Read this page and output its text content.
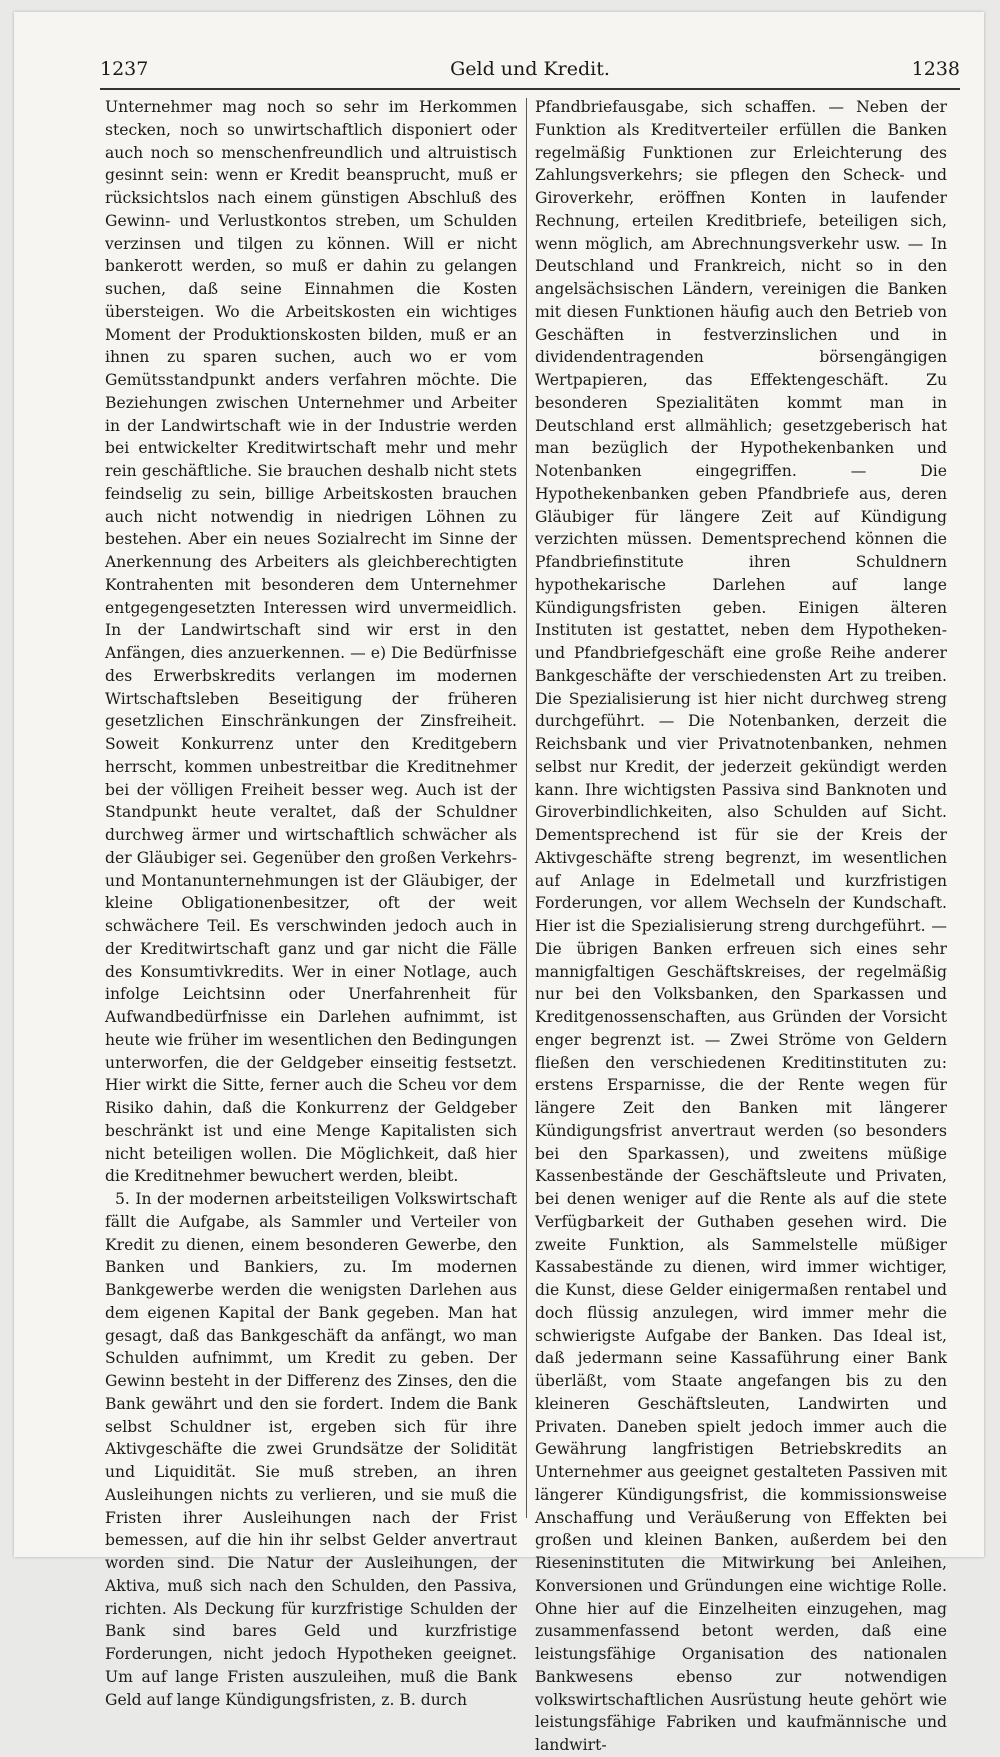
1237	Geld und Kredit.	1238

Unternehmer mag noch so sehr im Herkommen stecken, noch so unwirtschaftlich disponiert oder auch noch so menschenfreundlich und altruistisch gesinnt sein: wenn er Kredit beansprucht, muß er rücksichtslos nach einem günstigen Abschluß des Gewinn- und Verlustkontos streben, um Schulden verzinsen und tilgen zu können. Will er nicht bankerott werden, so muß er dahin zu gelangen suchen, daß seine Einnahmen die Kosten übersteigen. Wo die Arbeitskosten ein wichtiges Moment der Produktionskosten bilden, muß er an ihnen zu sparen suchen, auch wo er vom Gemütsstandpunkt anders verfahren möchte. Die Beziehungen zwischen Unternehmer und Arbeiter in der Landwirtschaft wie in der Industrie werden bei entwickelter Kreditwirtschaft mehr und mehr rein geschäftliche. Sie brauchen deshalb nicht stets feindselig zu sein, billige Arbeitskosten brauchen auch nicht notwendig in niedrigen Löhnen zu bestehen. Aber ein neues Sozialrecht im Sinne der Anerkennung des Arbeiters als gleichberechtigten Kontrahenten mit besonderen dem Unternehmer entgegengesetzten Interessen wird unvermeidlich. In der Landwirtschaft sind wir erst in den Anfängen, dies anzuerkennen. — e) Die Bedürfnisse des Erwerbskredits verlangen im modernen Wirtschaftsleben Beseitigung der früheren gesetzlichen Einschränkungen der Zinsfreiheit. Soweit Konkurrenz unter den Kreditgebern herrscht, kommen unbestreitbar die Kreditnehmer bei der völligen Freiheit besser weg. Auch ist der Standpunkt heute veraltet, daß der Schuldner durchweg ärmer und wirtschaftlich schwächer als der Gläubiger sei. Gegenüber den großen Verkehrs- und Montanunternehmungen ist der Gläubiger, der kleine Obligationenbesitzer, oft der weit schwächere Teil. Es verschwinden jedoch auch in der Kreditwirtschaft ganz und gar nicht die Fälle des Konsumtivkredits. Wer in einer Notlage, auch infolge Leichtsinn oder Unerfahrenheit für Aufwandbedürfnisse ein Darlehen aufnimmt, ist heute wie früher im wesentlichen den Bedingungen unterworfen, die der Geldgeber einseitig festsetzt. Hier wirkt die Sitte, ferner auch die Scheu vor dem Risiko dahin, daß die Konkurrenz der Geldgeber beschränkt ist und eine Menge Kapitalisten sich nicht beteiligen wollen. Die Möglichkeit, daß hier die Kreditnehmer bewuchert werden, bleibt.

5. In der modernen arbeitsteiligen Volkswirtschaft fällt die Aufgabe, als Sammler und Verteiler von Kredit zu dienen, einem besonderen Gewerbe, den Banken und Bankiers, zu. Im modernen Bankgewerbe werden die wenigsten Darlehen aus dem eigenen Kapital der Bank gegeben. Man hat gesagt, daß das Bankgeschäft da anfängt, wo man Schulden aufnimmt, um Kredit zu geben. Der Gewinn besteht in der Differenz des Zinses, den die Bank gewährt und den sie fordert. Indem die Bank selbst Schuldner ist, ergeben sich für ihre Aktivgeschäfte die zwei Grundsätze der Solidität und Liquidität. Sie muß streben, an ihren Ausleihungen nichts zu verlieren, und sie muß die Fristen ihrer Ausleihungen nach der Frist bemessen, auf die hin ihr selbst Gelder anvertraut worden sind. Die Natur der Ausleihungen, der Aktiva, muß sich nach den Schulden, den Passiva, richten. Als Deckung für kurzfristige Schulden der Bank sind bares Geld und kurzfristige Forderungen, nicht jedoch Hypotheken geeignet. Um auf lange Fristen auszuleihen, muß die Bank Geld auf lange Kündigungsfristen, z. B. durch

Pfandbriefausgabe, sich schaffen. — Neben der Funktion als Kreditverteiler erfüllen die Banken regelmäßig Funktionen zur Erleichterung des Zahlungsverkehrs; sie pflegen den Scheck- und Giroverkehr, eröffnen Konten in laufender Rechnung, erteilen Kreditbriefe, beteiligen sich, wenn möglich, am Abrechnungsverkehr usw. — In Deutschland und Frankreich, nicht so in den angelsächsischen Ländern, vereinigen die Banken mit diesen Funktionen häufig auch den Betrieb von Geschäften in festverzinslichen und in dividendentragenden börsengängigen Wertpapieren, das Effektengeschäft. Zu besonderen Spezialitäten kommt man in Deutschland erst allmählich; gesetzgeberisch hat man bezüglich der Hypothekenbanken und Notenbanken eingegriffen. — Die Hypothekenbanken geben Pfandbriefe aus, deren Gläubiger für längere Zeit auf Kündigung verzichten müssen. Dementsprechend können die Pfandbriefinstitute ihren Schuldnern hypothekarische Darlehen auf lange Kündigungsfristen geben. Einigen älteren Instituten ist gestattet, neben dem Hypotheken- und Pfandbriefgeschäft eine große Reihe anderer Bankgeschäfte der verschiedensten Art zu treiben. Die Spezialisierung ist hier nicht durchweg streng durchgeführt. — Die Notenbanken, derzeit die Reichsbank und vier Privatnotenbanken, nehmen selbst nur Kredit, der jederzeit gekündigt werden kann. Ihre wichtigsten Passiva sind Banknoten und Giroverbindlichkeiten, also Schulden auf Sicht. Dementsprechend ist für sie der Kreis der Aktivgeschäfte streng begrenzt, im wesentlichen auf Anlage in Edelmetall und kurzfristigen Forderungen, vor allem Wechseln der Kundschaft. Hier ist die Spezialisierung streng durchgeführt. — Die übrigen Banken erfreuen sich eines sehr mannigfaltigen Geschäftskreises, der regelmäßig nur bei den Volksbanken, den Sparkassen und Kreditgenossenschaften, aus Gründen der Vorsicht enger begrenzt ist. — Zwei Ströme von Geldern fließen den verschiedenen Kreditinstituten zu: erstens Ersparnisse, die der Rente wegen für längere Zeit den Banken mit längerer Kündigungsfrist anvertraut werden (so besonders bei den Sparkassen), und zweitens müßige Kassenbestände der Geschäftsleute und Privaten, bei denen weniger auf die Rente als auf die stete Verfügbarkeit der Guthaben gesehen wird. Die zweite Funktion, als Sammelstelle müßiger Kassabestände zu dienen, wird immer wichtiger, die Kunst, diese Gelder einigermaßen rentabel und doch flüssig anzulegen, wird immer mehr die schwierigste Aufgabe der Banken. Das Ideal ist, daß jedermann seine Kassaführung einer Bank überläßt, vom Staate angefangen bis zu den kleineren Geschäftsleuten, Landwirten und Privaten. Daneben spielt jedoch immer auch die Gewährung langfristigen Betriebskredits an Unternehmer aus geeignet gestalteten Passiven mit längerer Kündigungsfrist, die kommissionsweise Anschaffung und Veräußerung von Effekten bei großen und kleinen Banken, außerdem bei den Rieseninstituten die Mitwirkung bei Anleihen, Konversionen und Gründungen eine wichtige Rolle. Ohne hier auf die Einzelheiten einzugehen, mag zusammenfassend betont werden, daß eine leistungsfähige Organisation des nationalen Bankwesens ebenso zur notwendigen volkswirtschaftlichen Ausrüstung heute gehört wie leistungsfähige Fabriken und kaufmännische und landwirt-
